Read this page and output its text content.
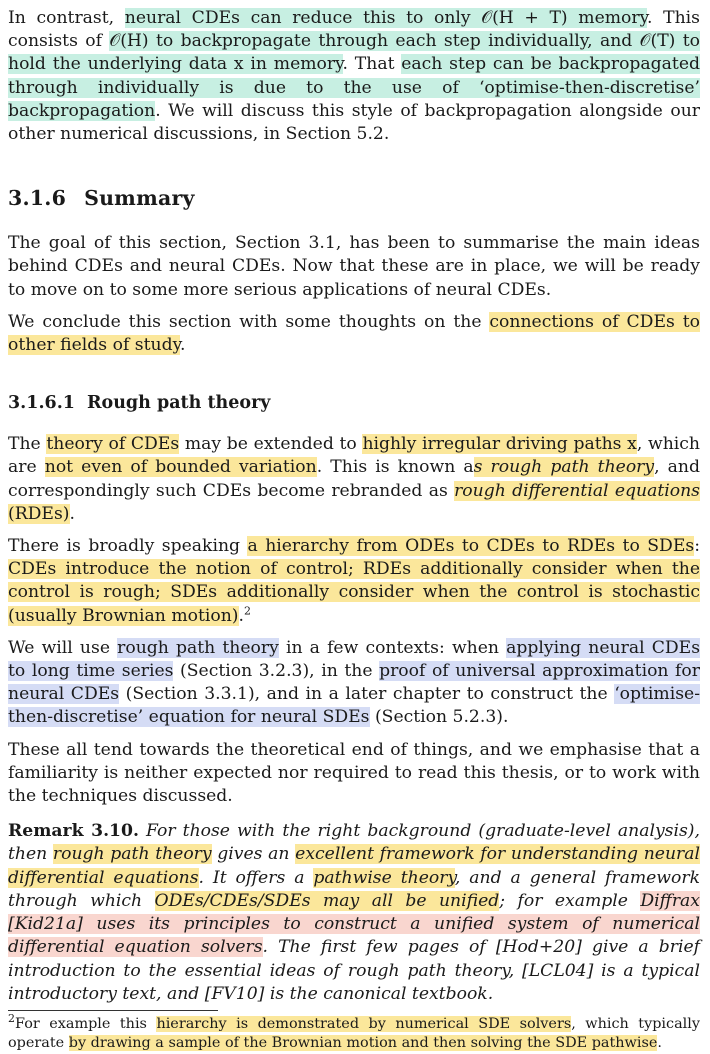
In contrast, neural CDEs can reduce this to only 𝒪(H + T) memory. This consists of 𝒪(H) to backpropagate through each step individually, and 𝒪(T) to hold the underlying data x in memory. That each step can be backpropagated through individually is due to the use of ‘optimise-then-discretise’ backpropagation. We will discuss this style of backpropagation alongside our other numerical discussions, in Section 5.2.

3.1.6 Summary

The goal of this section, Section 3.1, has been to summarise the main ideas behind CDEs and neural CDEs. Now that these are in place, we will be ready to move on to some more serious applications of neural CDEs.

We conclude this section with some thoughts on the connections of CDEs to other fields of study.

3.1.6.1 Rough path theory

The theory of CDEs may be extended to highly irregular driving paths x, which are not even of bounded variation. This is known as rough path theory, and correspondingly such CDEs become rebranded as rough differential equations (RDEs).

There is broadly speaking a hierarchy from ODEs to CDEs to RDEs to SDEs: CDEs introduce the notion of control; RDEs additionally consider when the control is rough; SDEs additionally consider when the control is stochastic (usually Brownian motion).$^2$

We will use rough path theory in a few contexts: when applying neural CDEs to long time series (Section 3.2.3), in the proof of universal approximation for neural CDEs (Section 3.3.1), and in a later chapter to construct the ‘optimise-then-discretise’ equation for neural SDEs (Section 5.2.3).

These all tend towards the theoretical end of things, and we emphasise that a familiarity is neither expected nor required to read this thesis, or to work with the techniques discussed.

Remark 3.10. For those with the right background (graduate-level analysis), then rough path theory gives an excellent framework for understanding neural differential equations. It offers a pathwise theory, and a general framework through which ODEs/CDEs/SDEs may all be unified; for example Diffrax [Kid21a] uses its principles to construct a unified system of numerical differential equation solvers. The first few pages of [Hod+20] give a brief introduction to the essential ideas of rough path theory, [LCL04] is a typical introductory text, and [FV10] is the canonical textbook.

$^2$For example this hierarchy is demonstrated by numerical SDE solvers, which typically operate by drawing a sample of the Brownian motion and then solving the SDE pathwise.
